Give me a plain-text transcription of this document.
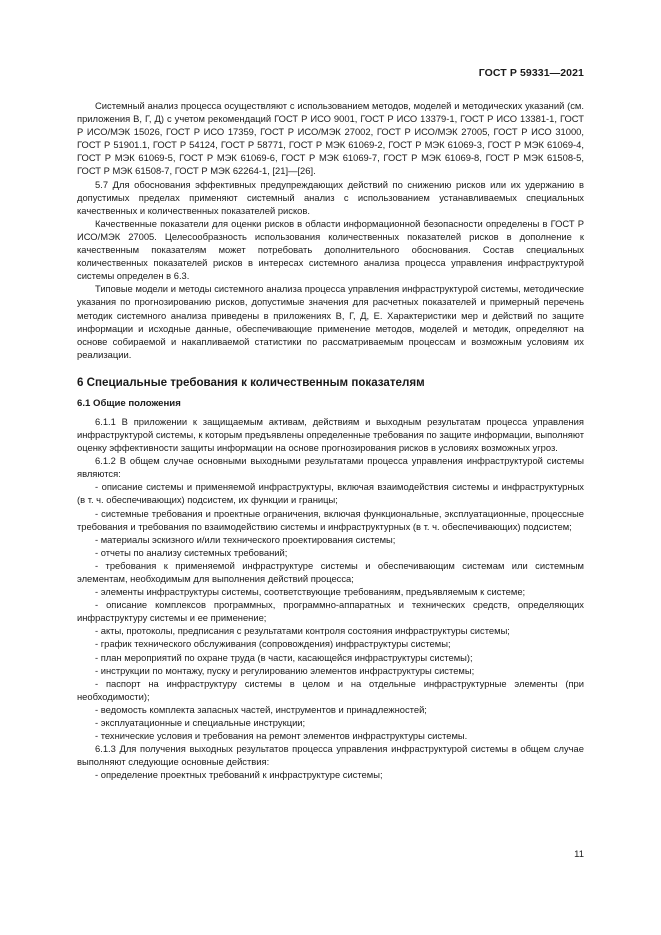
ГОСТ Р 59331—2021

Системный анализ процесса осуществляют с использованием методов, моделей и методических указаний (см. приложения В, Г, Д) с учетом рекомендаций ГОСТ Р ИСО 9001, ГОСТ Р ИСО 13379-1, ГОСТ Р ИСО 13381-1, ГОСТ Р ИСО/МЭК 15026, ГОСТ Р ИСО 17359, ГОСТ Р ИСО/МЭК 27002, ГОСТ Р ИСО/МЭК 27005, ГОСТ Р ИСО 31000, ГОСТ Р 51901.1, ГОСТ Р 54124, ГОСТ Р 58771, ГОСТ Р МЭК 61069-2, ГОСТ Р МЭК 61069-3, ГОСТ Р МЭК 61069-4, ГОСТ Р МЭК 61069-5, ГОСТ Р МЭК 61069-6, ГОСТ Р МЭК 61069-7, ГОСТ Р МЭК 61069-8, ГОСТ Р МЭК 61508-5, ГОСТ Р МЭК 61508-7, ГОСТ Р МЭК 62264-1, [21]—[26].

5.7 Для обоснования эффективных предупреждающих действий по снижению рисков или их удержанию в допустимых пределах применяют системный анализ с использованием устанавливаемых специальных качественных и количественных показателей рисков.

Качественные показатели для оценки рисков в области информационной безопасности определены в ГОСТ Р ИСО/МЭК 27005. Целесообразность использования количественных показателей рисков в дополнение к качественным показателям может потребовать дополнительного обоснования. Состав специальных количественных показателей рисков в интересах системного анализа процесса управления инфраструктурой системы определен в 6.3.

Типовые модели и методы системного анализа процесса управления инфраструктурой системы, методические указания по прогнозированию рисков, допустимые значения для расчетных показателей и примерный перечень методик системного анализа приведены в приложениях В, Г, Д, Е. Характеристики мер и действий по защите информации и исходные данные, обеспечивающие применение методов, моделей и методик, определяют на основе собираемой и накапливаемой статистики по рассматриваемым процессам и возможным условиям их реализации.

6 Специальные требования к количественным показателям
6.1 Общие положения

6.1.1 В приложении к защищаемым активам, действиям и выходным результатам процесса управления инфраструктурой системы, к которым предъявлены определенные требования по защите информации, выполняют оценку эффективности защиты информации на основе прогнозирования рисков в условиях возможных угроз.

6.1.2 В общем случае основными выходными результатами процесса управления инфраструктурой системы являются:

- описание системы и применяемой инфраструктуры, включая взаимодействия системы и инфраструктурных (в т. ч. обеспечивающих) подсистем, их функции и границы;

- системные требования и проектные ограничения, включая функциональные, эксплуатационные, процессные требования и требования по взаимодействию системы и инфраструктурных (в т. ч. обеспечивающих) подсистем;

- материалы эскизного и/или технического проектирования системы;

- отчеты по анализу системных требований;

- требования к применяемой инфраструктуре системы и обеспечивающим системам или системным элементам, необходимым для выполнения действий процесса;

- элементы инфраструктуры системы, соответствующие требованиям, предъявляемым к системе;

- описание комплексов программных, программно-аппаратных и технических средств, определяющих инфраструктуру системы и ее применение;

- акты, протоколы, предписания с результатами контроля состояния инфраструктуры системы;

- график технического обслуживания (сопровождения) инфраструктуры системы;

- план мероприятий по охране труда (в части, касающейся инфраструктуры системы);

- инструкции по монтажу, пуску и регулированию элементов инфраструктуры системы;

- паспорт на инфраструктуру системы в целом и на отдельные инфраструктурные элементы (при необходимости);

- ведомость комплекта запасных частей, инструментов и принадлежностей;

- эксплуатационные и специальные инструкции;

- технические условия и требования на ремонт элементов инфраструктуры системы.

6.1.3 Для получения выходных результатов процесса управления инфраструктурой системы в общем случае выполняют следующие основные действия:

- определение проектных требований к инфраструктуре системы;

11
